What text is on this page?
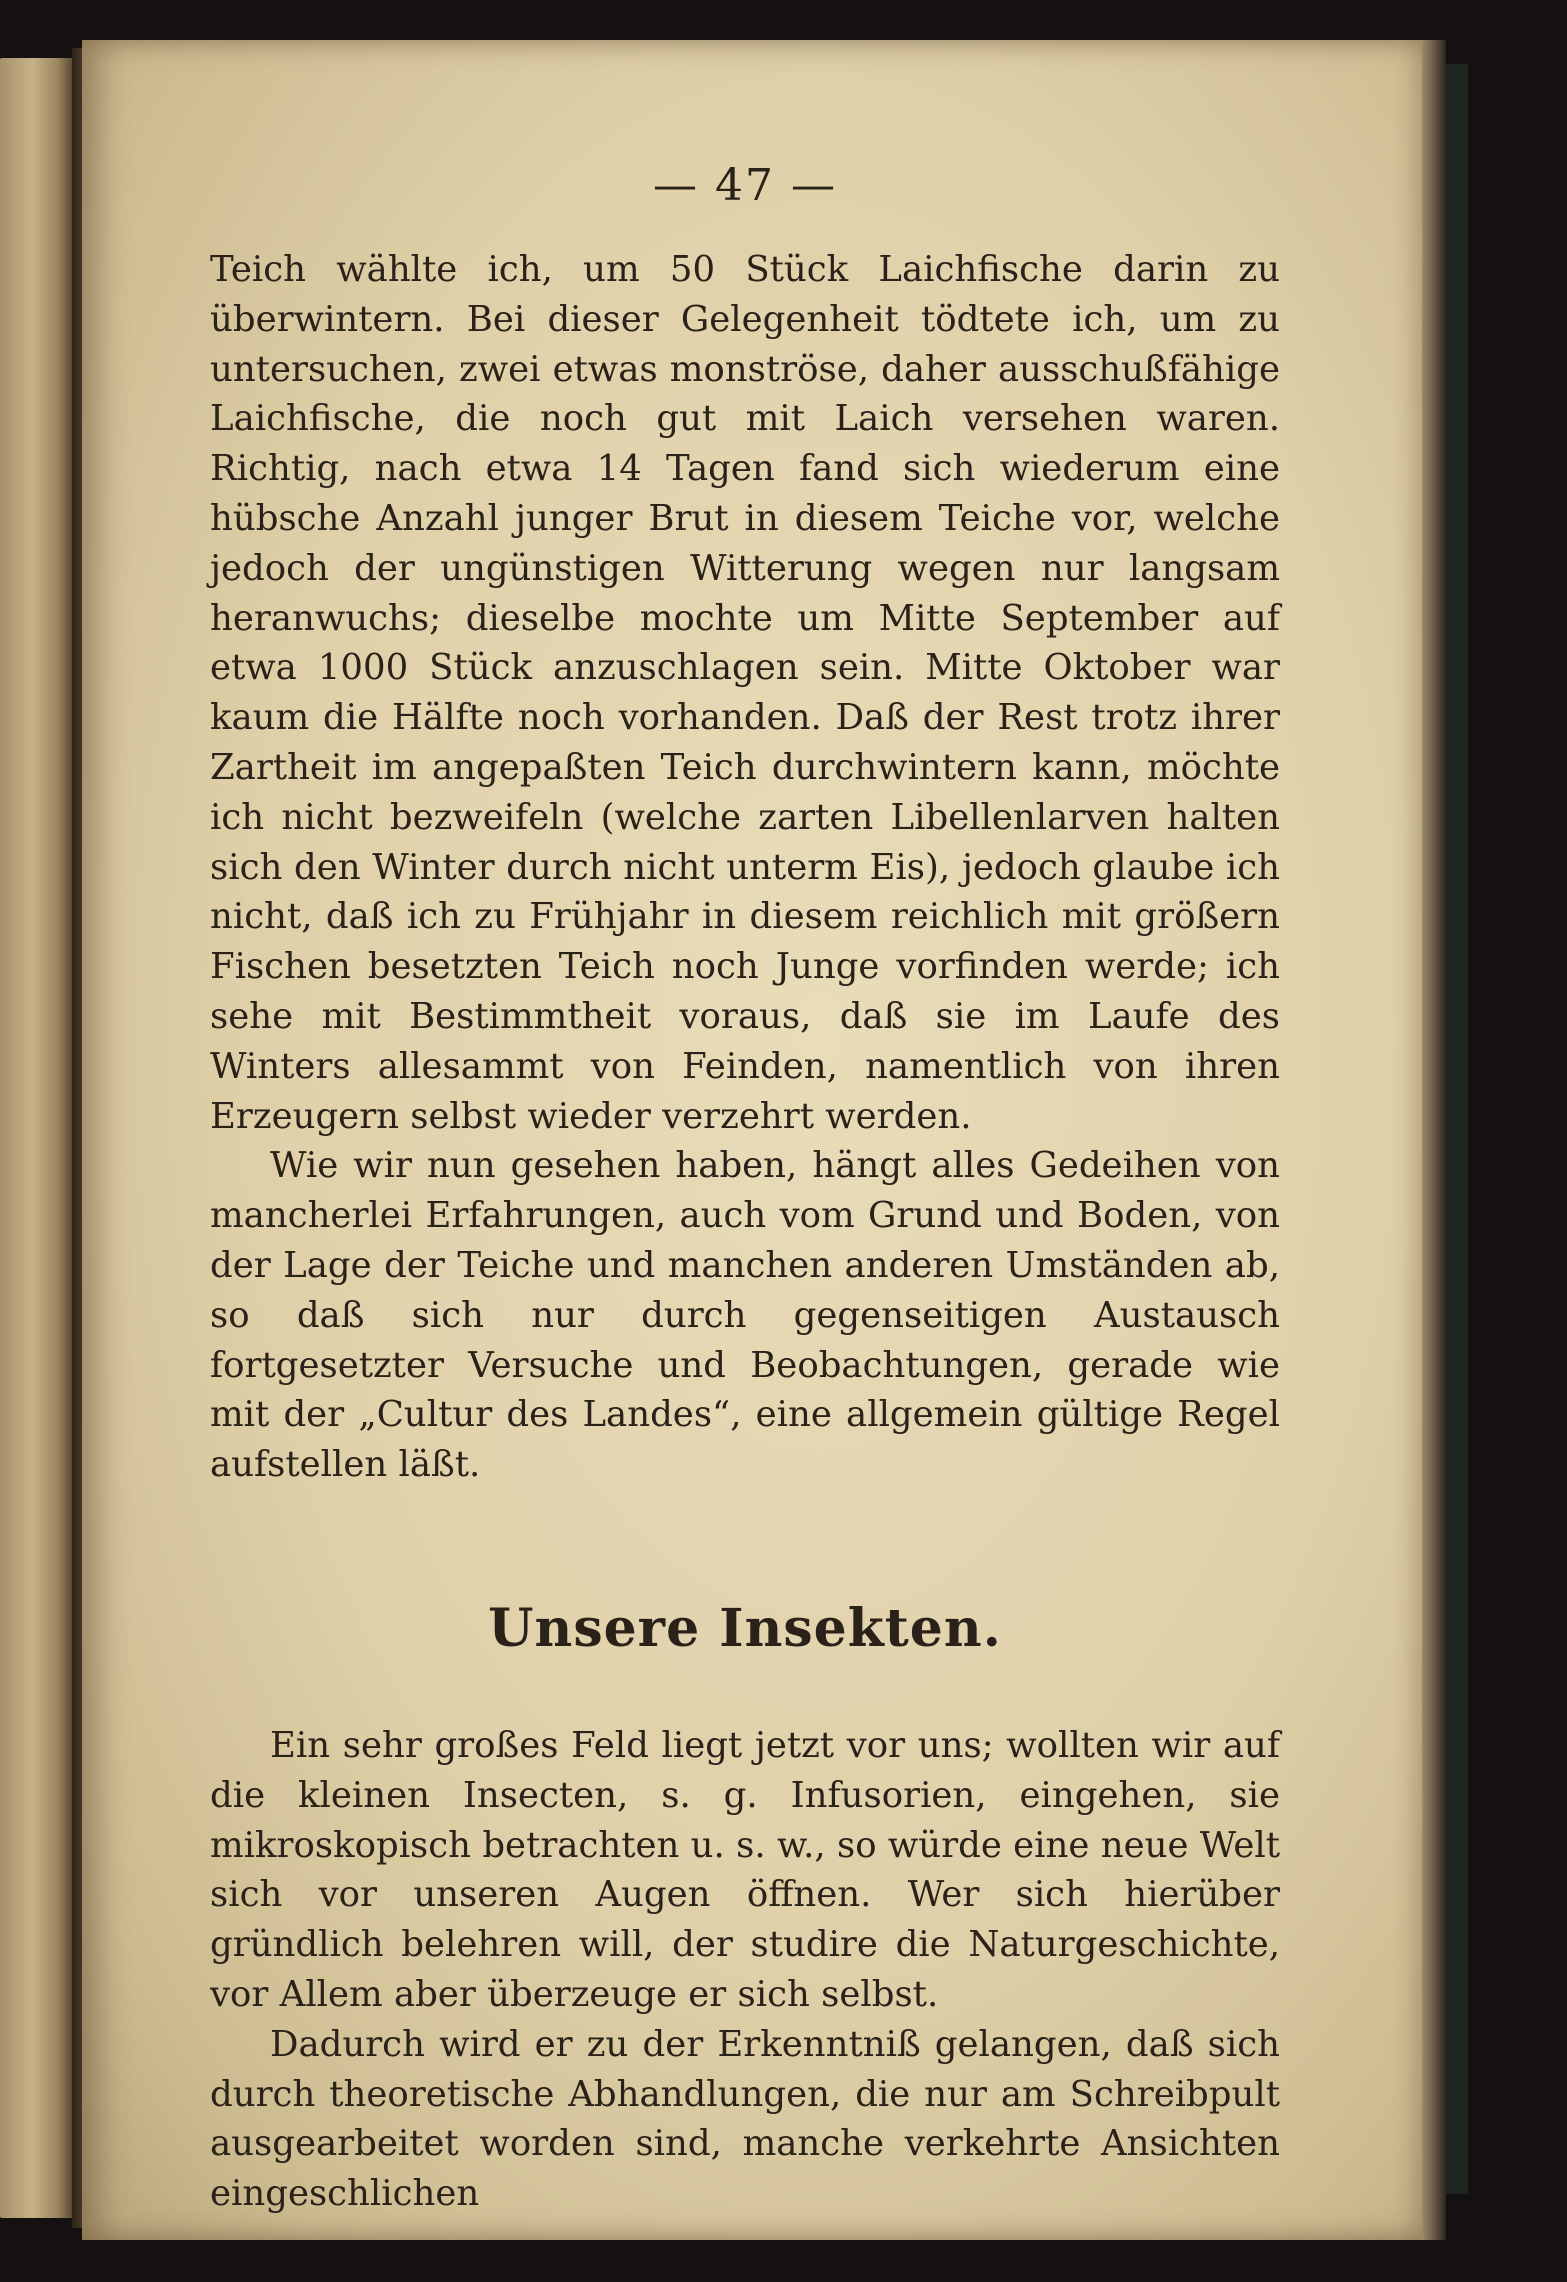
— 47 —

Teich wählte ich, um 50 Stück Laichfische darin zu überwintern. Bei dieser Gelegenheit tödtete ich, um zu untersuchen, zwei etwas monströse, daher ausschußfähige Laichfische, die noch gut mit Laich versehen waren. Richtig, nach etwa 14 Tagen fand sich wiederum eine hübsche Anzahl junger Brut in diesem Teiche vor, welche jedoch der ungünstigen Witterung wegen nur langsam heranwuchs; dieselbe mochte um Mitte September auf etwa 1000 Stück anzuschlagen sein. Mitte Oktober war kaum die Hälfte noch vorhanden. Daß der Rest trotz ihrer Zartheit im angepaßten Teich durchwintern kann, möchte ich nicht bezweifeln (welche zarten Libellenlarven halten sich den Winter durch nicht unterm Eis), jedoch glaube ich nicht, daß ich zu Frühjahr in diesem reichlich mit größern Fischen besetzten Teich noch Junge vorfinden werde; ich sehe mit Bestimmtheit voraus, daß sie im Laufe des Winters allesammt von Feinden, namentlich von ihren Erzeugern selbst wieder verzehrt werden.

Wie wir nun gesehen haben, hängt alles Gedeihen von mancherlei Erfahrungen, auch vom Grund und Boden, von der Lage der Teiche und manchen anderen Umständen ab, so daß sich nur durch gegenseitigen Austausch fortgesetzter Versuche und Beobachtungen, gerade wie mit der „Cultur des Landes“, eine allgemein gültige Regel aufstellen läßt.

Unsere Insekten.

Ein sehr großes Feld liegt jetzt vor uns; wollten wir auf die kleinen Insecten, s. g. Infusorien, eingehen, sie mikroskopisch betrachten u. s. w., so würde eine neue Welt sich vor unseren Augen öffnen. Wer sich hierüber gründlich belehren will, der studire die Naturgeschichte, vor Allem aber überzeuge er sich selbst.

Dadurch wird er zu der Erkenntniß gelangen, daß sich durch theoretische Abhandlungen, die nur am Schreibpult ausgearbeitet worden sind, manche verkehrte Ansichten eingeschlichen
